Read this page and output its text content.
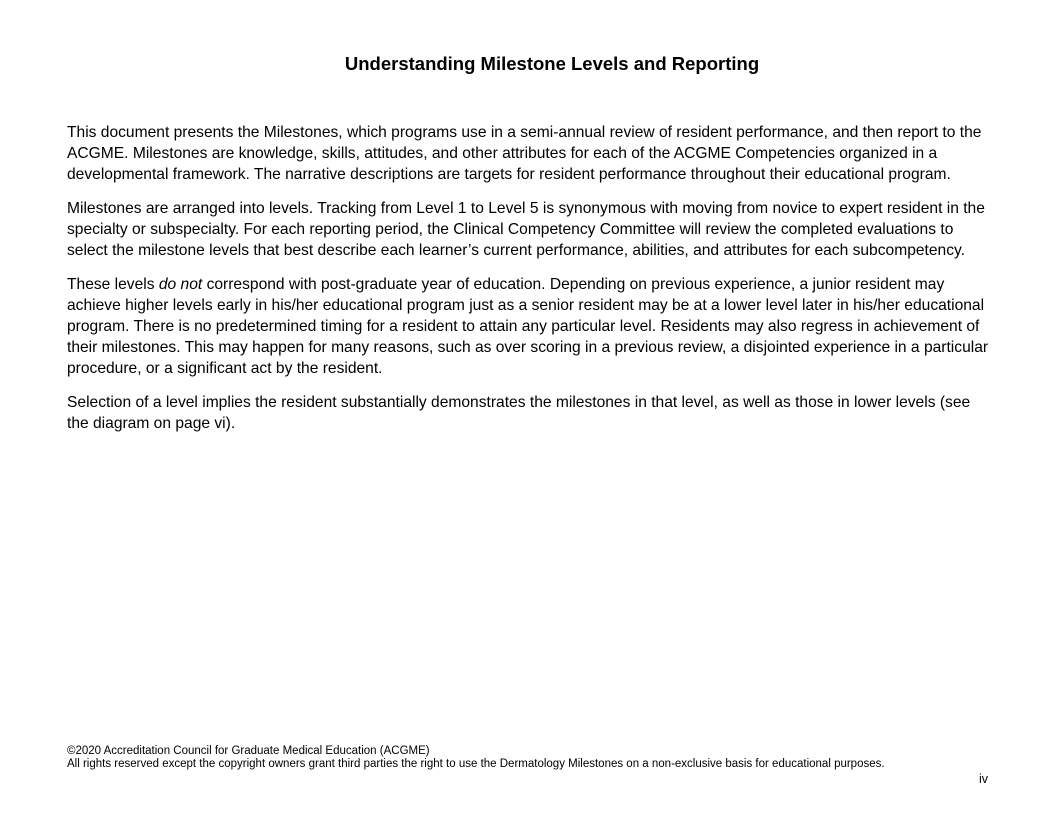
Understanding Milestone Levels and Reporting

This document presents the Milestones, which programs use in a semi-annual review of resident performance, and then report to the ACGME. Milestones are knowledge, skills, attitudes, and other attributes for each of the ACGME Competencies organized in a developmental framework. The narrative descriptions are targets for resident performance throughout their educational program.

Milestones are arranged into levels. Tracking from Level 1 to Level 5 is synonymous with moving from novice to expert resident in the specialty or subspecialty. For each reporting period, the Clinical Competency Committee will review the completed evaluations to select the milestone levels that best describe each learner’s current performance, abilities, and attributes for each subcompetency.

These levels do not correspond with post-graduate year of education. Depending on previous experience, a junior resident may achieve higher levels early in his/her educational program just as a senior resident may be at a lower level later in his/her educational program. There is no predetermined timing for a resident to attain any particular level. Residents may also regress in achievement of their milestones. This may happen for many reasons, such as over scoring in a previous review, a disjointed experience in a particular procedure, or a significant act by the resident.

Selection of a level implies the resident substantially demonstrates the milestones in that level, as well as those in lower levels (see the diagram on page vi).

©2020 Accreditation Council for Graduate Medical Education (ACGME)
All rights reserved except the copyright owners grant third parties the right to use the Dermatology Milestones on a non-exclusive basis for educational purposes.
iv
